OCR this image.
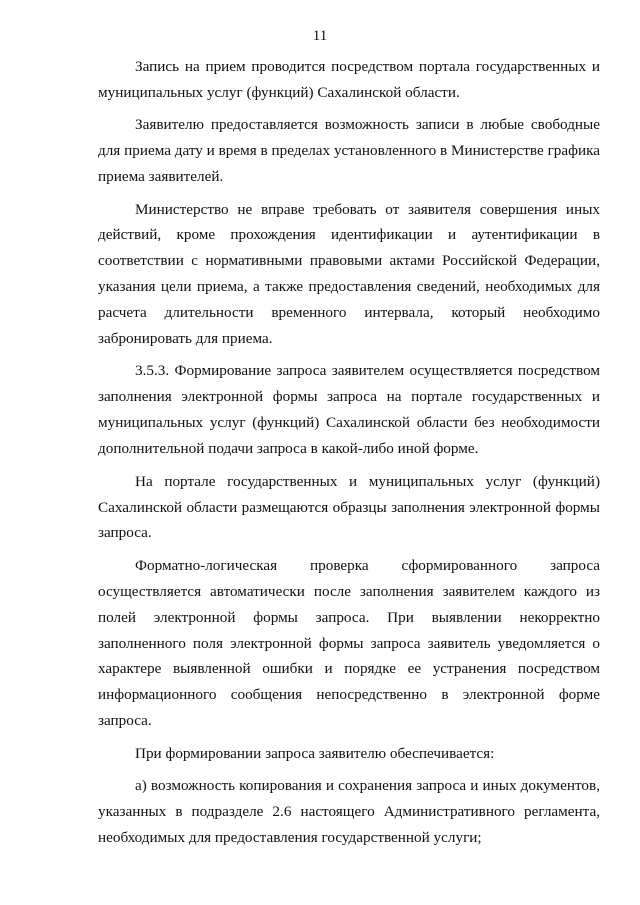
11

Запись на прием проводится посредством портала государственных и муниципальных услуг (функций) Сахалинской области.

Заявителю предоставляется возможность записи в любые свободные для приема дату и время в пределах установленного в Министерстве графика приема заявителей.

Министерство не вправе требовать от заявителя совершения иных действий, кроме прохождения идентификации и аутентификации в соответствии с нормативными правовыми актами Российской Федерации, указания цели приема, а также предоставления сведений, необходимых для расчета длительности временного интервала, который необходимо забронировать для приема.

3.5.3. Формирование запроса заявителем осуществляется посредством заполнения электронной формы запроса на портале государственных и муниципальных услуг (функций) Сахалинской области без необходимости дополнительной подачи запроса в какой-либо иной форме.

На портале государственных и муниципальных услуг (функций) Сахалинской области размещаются образцы заполнения электронной формы запроса.

Форматно-логическая проверка сформированного запроса осуществляется автоматически после заполнения заявителем каждого из полей электронной формы запроса. При выявлении некорректно заполненного поля электронной формы запроса заявитель уведомляется о характере выявленной ошибки и порядке ее устранения посредством информационного сообщения непосредственно в электронной форме запроса.

При формировании запроса заявителю обеспечивается:

а) возможность копирования и сохранения запроса и иных документов, указанных в подразделе 2.6 настоящего Административного регламента, необходимых для предоставления государственной услуги;
